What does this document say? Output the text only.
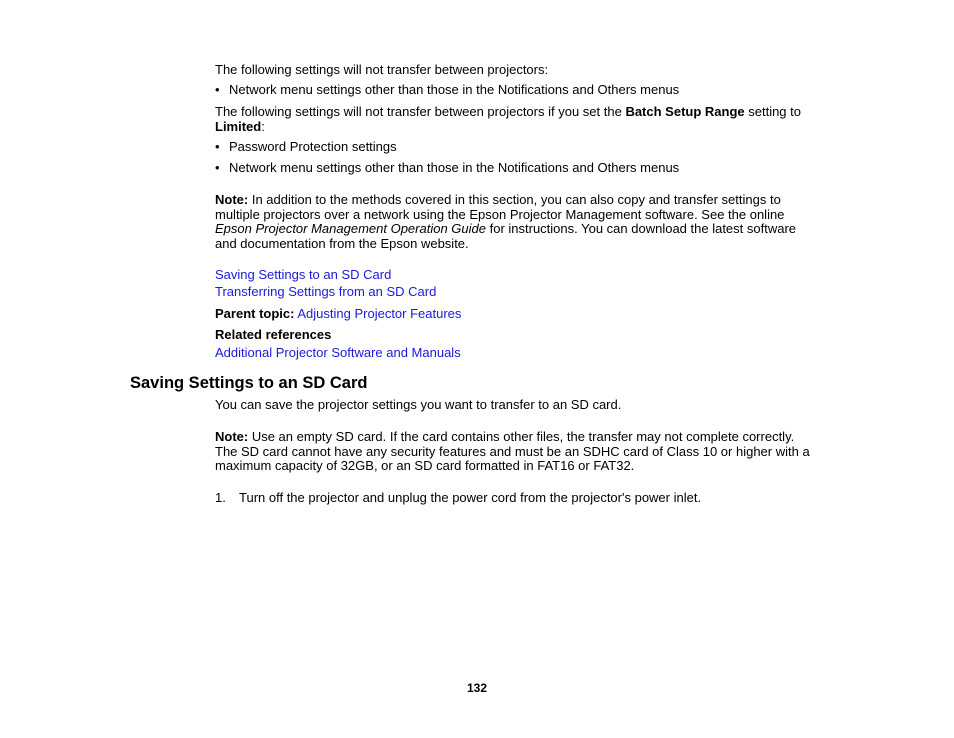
The following settings will not transfer between projectors:

• Network menu settings other than those in the Notifications and Others menus

The following settings will not transfer between projectors if you set the Batch Setup Range setting to
Limited:

• Password Protection settings

• Network menu settings other than those in the Notifications and Others menus

Note: In addition to the methods covered in this section, you can also copy and transfer settings to multiple projectors over a network using the Epson Projector Management software. See the online Epson Projector Management Operation Guide for instructions. You can download the latest software and documentation from the Epson website.

Saving Settings to an SD Card

Transferring Settings from an SD Card

Parent topic: Adjusting Projector Features

Related references

Additional Projector Software and Manuals

Saving Settings to an SD Card

You can save the projector settings you want to transfer to an SD card.

Note: Use an empty SD card. If the card contains other files, the transfer may not complete correctly. The SD card cannot have any security features and must be an SDHC card of Class 10 or higher with a maximum capacity of 32GB, or an SD card formatted in FAT16 or FAT32.

1. Turn off the projector and unplug the power cord from the projector's power inlet.

132
